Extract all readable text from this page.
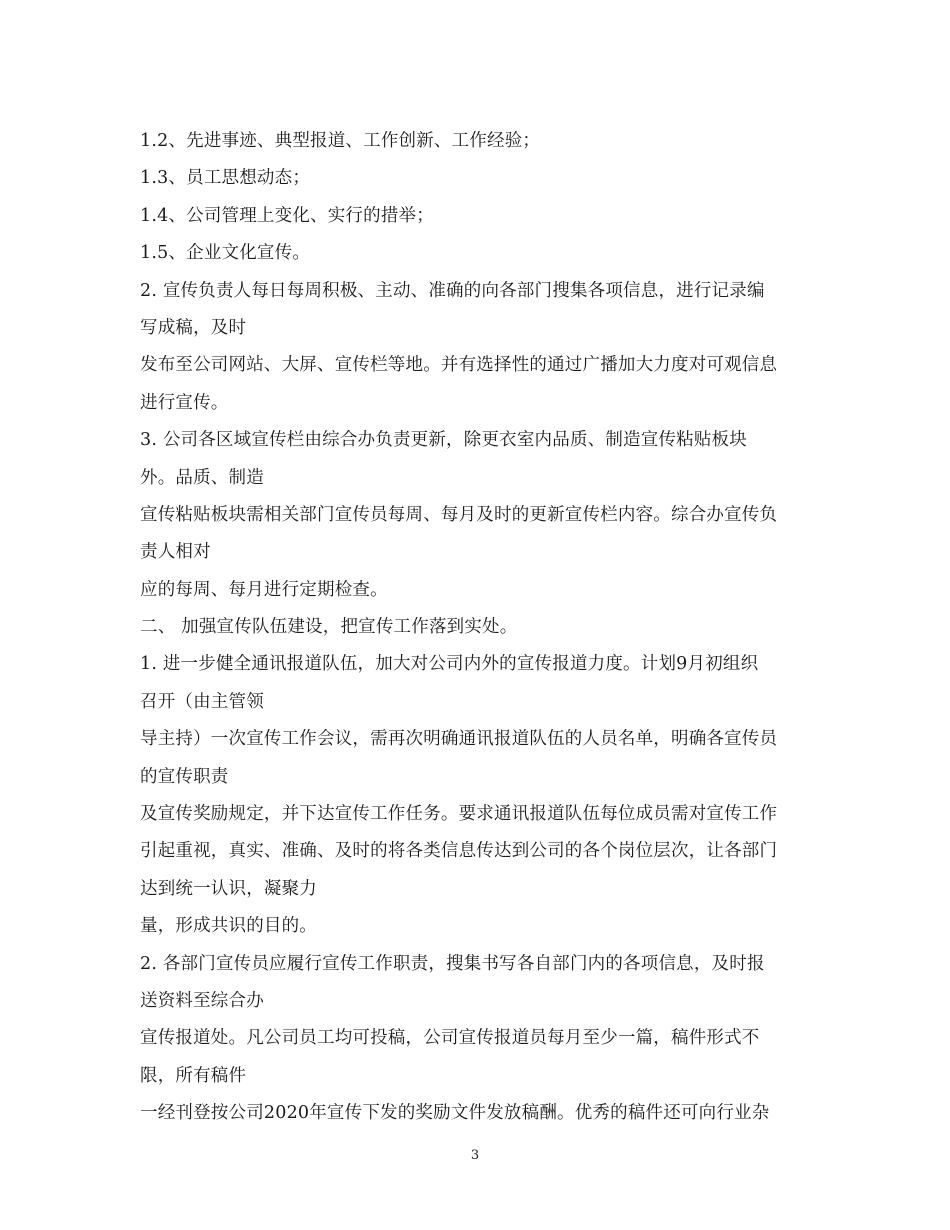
1.2、先进事迹、典型报道、工作创新、工作经验；
1.3、员工思想动态；
1.4、公司管理上变化、实行的措举；
1.5、企业文化宣传。
2. 宣传负责人每日每周积极、主动、准确的向各部门搜集各项信息，进行记录编
写成稿，及时
发布至公司网站、大屏、宣传栏等地。并有选择性的通过广播加大力度对可观信息
进行宣传。
3. 公司各区域宣传栏由综合办负责更新，除更衣室内品质、制造宣传粘贴板块
外。品质、制造
宣传粘贴板块需相关部门宣传员每周、每月及时的更新宣传栏内容。综合办宣传负
责人相对
应的每周、每月进行定期检查。
二、 加强宣传队伍建设，把宣传工作落到实处。
1. 进一步健全通讯报道队伍，加大对公司内外的宣传报道力度。计划9月初组织
召开（由主管领
导主持）一次宣传工作会议，需再次明确通讯报道队伍的人员名单，明确各宣传员
的宣传职责
及宣传奖励规定，并下达宣传工作任务。要求通讯报道队伍每位成员需对宣传工作
引起重视，真实、准确、及时的将各类信息传达到公司的各个岗位层次，让各部门
达到统一认识，凝聚力
量，形成共识的目的。
2. 各部门宣传员应履行宣传工作职责，搜集书写各自部门内的各项信息，及时报
送资料至综合办
宣传报道处。凡公司员工均可投稿，公司宣传报道员每月至少一篇，稿件形式不
限，所有稿件
一经刊登按公司2020年宣传下发的奖励文件发放稿酬。优秀的稿件还可向行业杂
3
